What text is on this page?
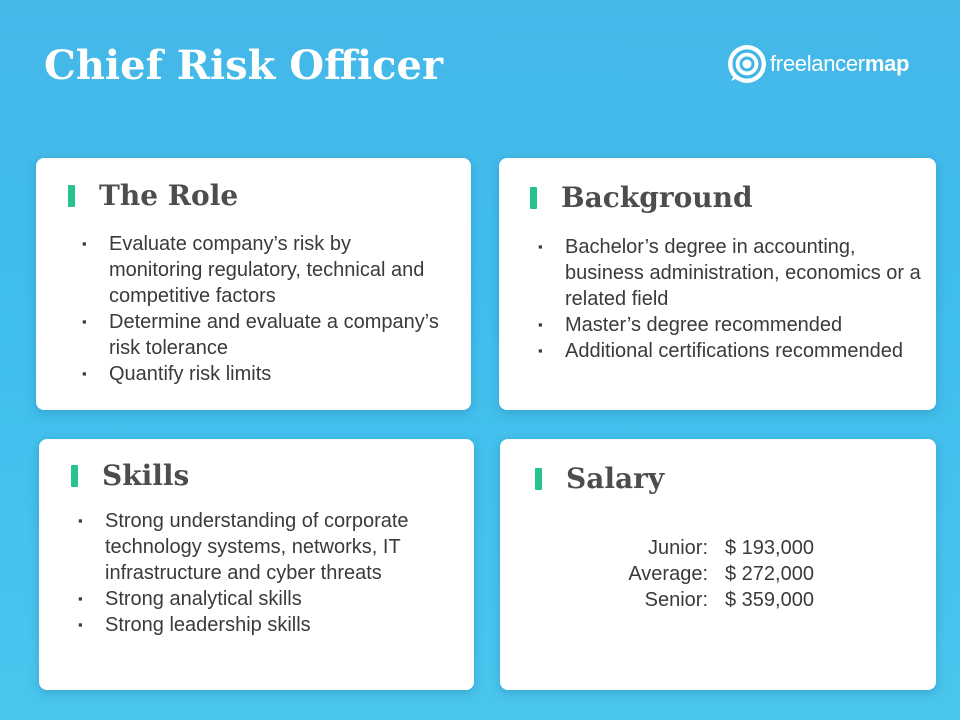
Chief Risk Officer	freelancermap
The Role
▪ Evaluate company’s risk by monitoring regulatory, technical and competitive factors
▪ Determine and evaluate a company’s risk tolerance
▪ Quantify risk limits
Background
▪ Bachelor’s degree in accounting, business administration, economics or a related field
▪ Master’s degree recommended
▪ Additional certifications recommended
Skills
▪ Strong understanding of corporate technology systems, networks, IT infrastructure and cyber threats
▪ Strong analytical skills
▪ Strong leadership skills
Salary
Junior:	$ 193,000
Average:	$ 272,000
Senior:	$ 359,000
